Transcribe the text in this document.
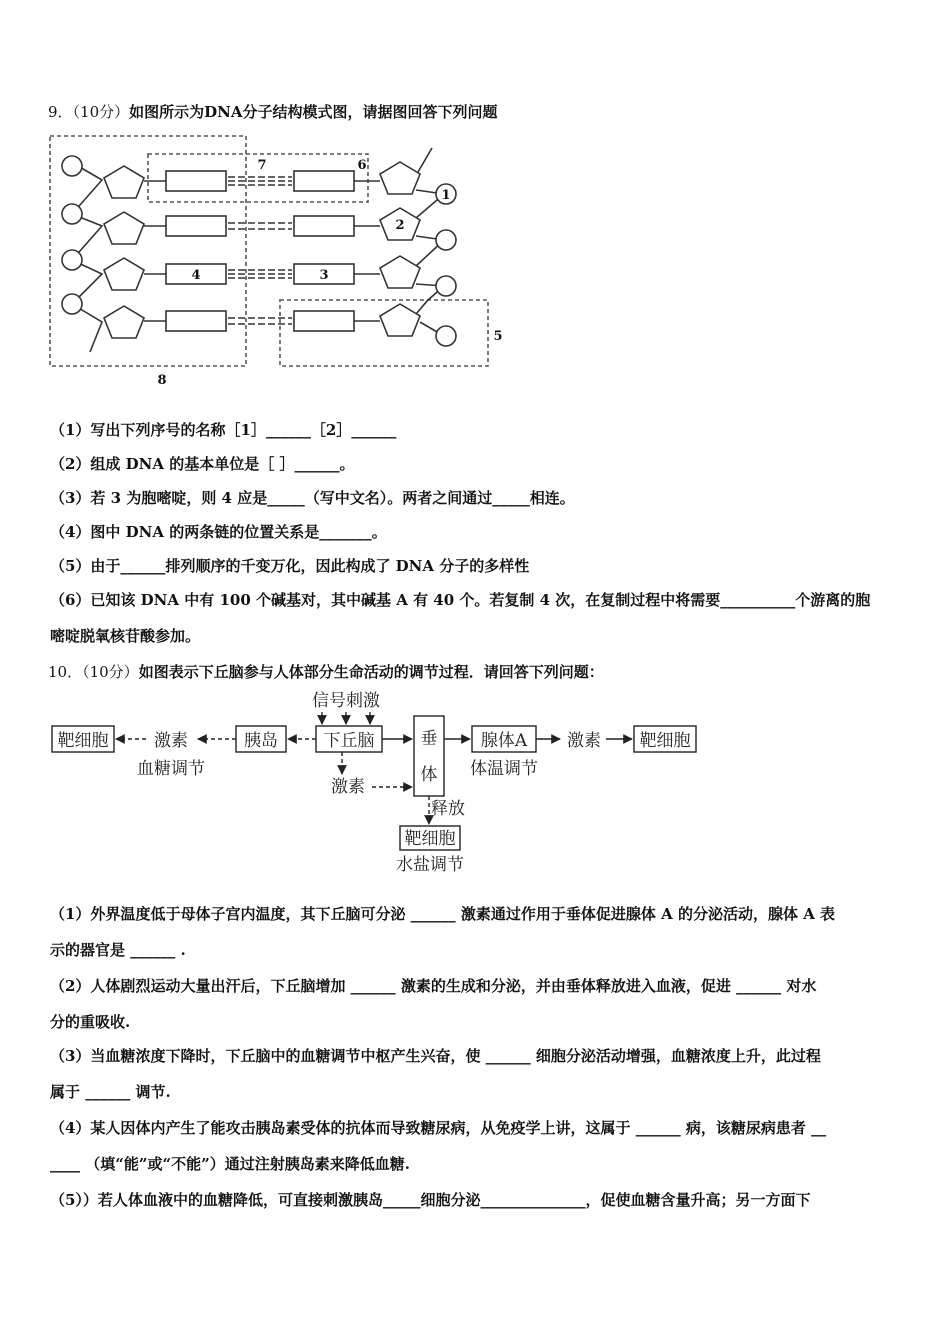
9．（10分）如图所示为DNA分子结构模式图，请据图回答下列问题
1
2
3
4
5
6
7
8
（1）写出下列序号的名称［1］______［2］______
（2）组成 DNA 的基本单位是［ ］______。
（3）若 3 为胞嘧啶，则 4 应是_____（写中文名）。两者之间通过_____相连。
（4）图中 DNA 的两条链的位置关系是_______。
（5）由于______排列顺序的千变万化，因此构成了 DNA 分子的多样性
（6）已知该 DNA 中有 100 个碱基对，其中碱基 A 有 40 个。若复制 4 次，在复制过程中将需要__________个游离的胞
嘧啶脱氧核苷酸参加。
10．（10分）如图表示下丘脑参与人体部分生命活动的调节过程．请回答下列问题：
信号刺激
靶细胞	激素
血糖调节
胰岛	下丘脑	垂
体
腺体A
体温调节
激素 靶细胞
激素
释放
靶细胞
水盐调节
（1）外界温度低于母体子宫内温度，其下丘脑可分泌 ______ 激素通过作用于垂体促进腺体 A 的分泌活动，腺体 A 表
示的器官是 ______ .
（2）人体剧烈运动大量出汗后，下丘脑增加 ______ 激素的生成和分泌，并由垂体释放进入血液，促进 ______ 对水
分的重吸收.
（3）当血糖浓度下降时，下丘脑中的血糖调节中枢产生兴奋，使 ______ 细胞分泌活动增强，血糖浓度上升，此过程
属于 ______ 调节.
（4）某人因体内产生了能攻击胰岛素受体的抗体而导致糖尿病，从免疫学上讲，这属于 ______ 病，该糖尿病患者 __
____ （填“能”或“不能”）通过注射胰岛素来降低血糖.
（5））若人体血液中的血糖降低，可直接刺激胰岛_____细胞分泌______________，促使血糖含量升高；另一方面下
